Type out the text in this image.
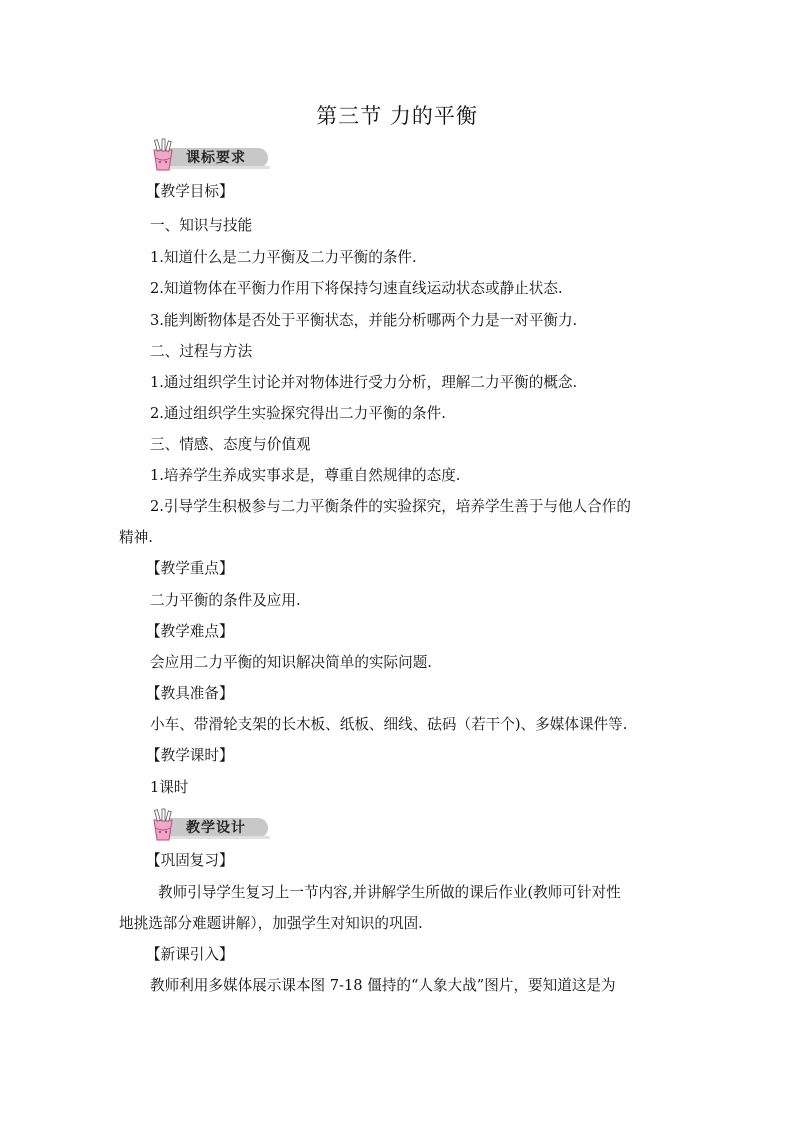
第三节 力的平衡
课标要求
【教学目标】
一、知识与技能
1.知道什么是二力平衡及二力平衡的条件.
2.知道物体在平衡力作用下将保持匀速直线运动状态或静止状态.
3.能判断物体是否处于平衡状态，并能分析哪两个力是一对平衡力.
二、过程与方法
1.通过组织学生讨论并对物体进行受力分析，理解二力平衡的概念.
2.通过组织学生实验探究得出二力平衡的条件.
三、情感、态度与价值观
1.培养学生养成实事求是，尊重自然规律的态度.
2.引导学生积极参与二力平衡条件的实验探究，培养学生善于与他人合作的
精神.
【教学重点】
二力平衡的条件及应用.
【教学难点】
会应用二力平衡的知识解决简单的实际问题.
【教具准备】
小车、带滑轮支架的长木板、纸板、细线、砝码（若干个)、多媒体课件等.
【教学课时】
1课时
教学设计
【巩固复习】
教师引导学生复习上一节内容,并讲解学生所做的课后作业(教师可针对性
地挑选部分难题讲解），加强学生对知识的巩固.
【新课引入】
教师利用多媒体展示课本图 7-18 僵持的“人象大战”图片，要知道这是为
